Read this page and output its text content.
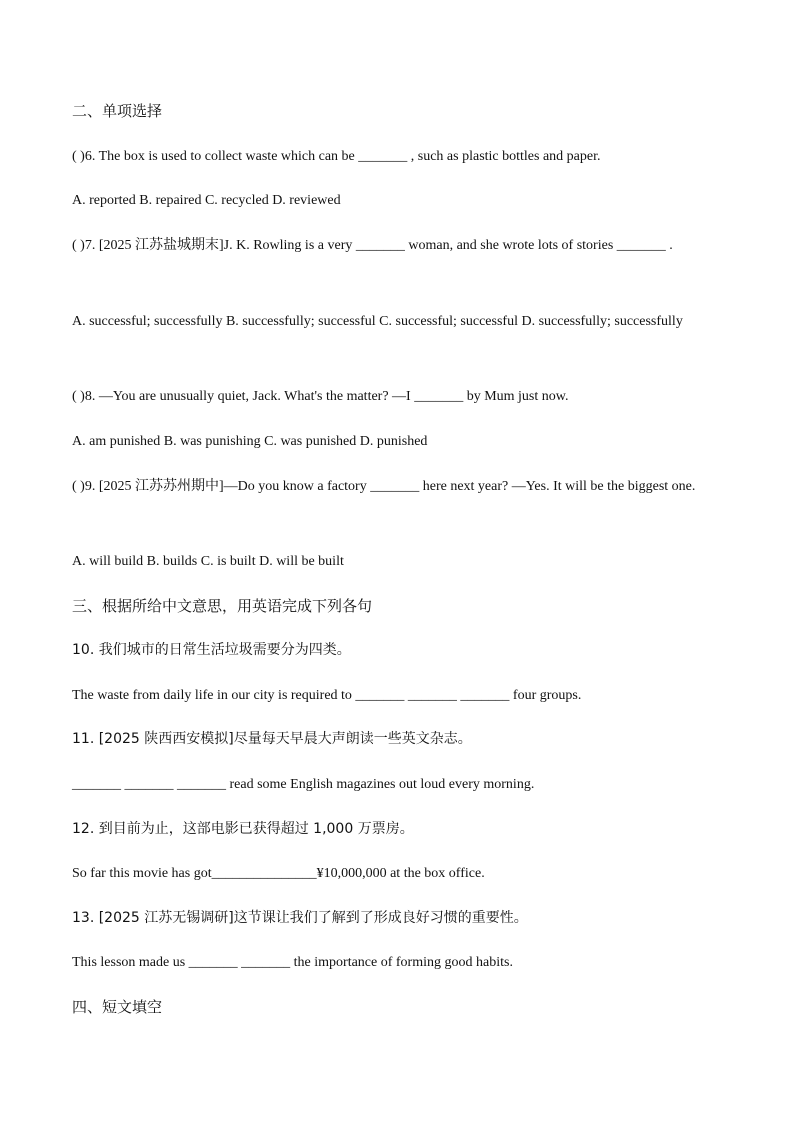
二、单项选择
( )6. The box is used to collect waste which can be _______ , such as plastic bottles and paper.
A. reported B. repaired C. recycled D. reviewed
( )7. [2025 江苏盐城期末]J. K. Rowling is a very _______ woman, and she wrote lots of stories _______ .
A. successful; successfully B. successfully; successful C. successful; successful D. successfully; successfully
( )8. —You are unusually quiet, Jack. What's the matter? —I _______ by Mum just now.
A. am punished B. was punishing C. was punished D. punished
( )9. [2025 江苏苏州期中]—Do you know a factory _______ here next year? —Yes. It will be the biggest one.
A. will build B. builds C. is built D. will be built
三、根据所给中文意思，用英语完成下列各句
10. 我们城市的日常生活垃圾需要分为四类。
The waste from daily life in our city is required to _______ _______ _______ four groups.
11. [2025 陕西西安模拟]尽量每天早晨大声朗读一些英文杂志。
_______ _______ _______ read some English magazines out loud every morning.
12. 到目前为止，这部电影已获得超过 1,000 万票房。
So far this movie has got_______________¥10,000,000 at the box office.
13. [2025 江苏无锡调研]这节课让我们了解到了形成良好习惯的重要性。
This lesson made us _______ _______ the importance of forming good habits.
四、短文填空
